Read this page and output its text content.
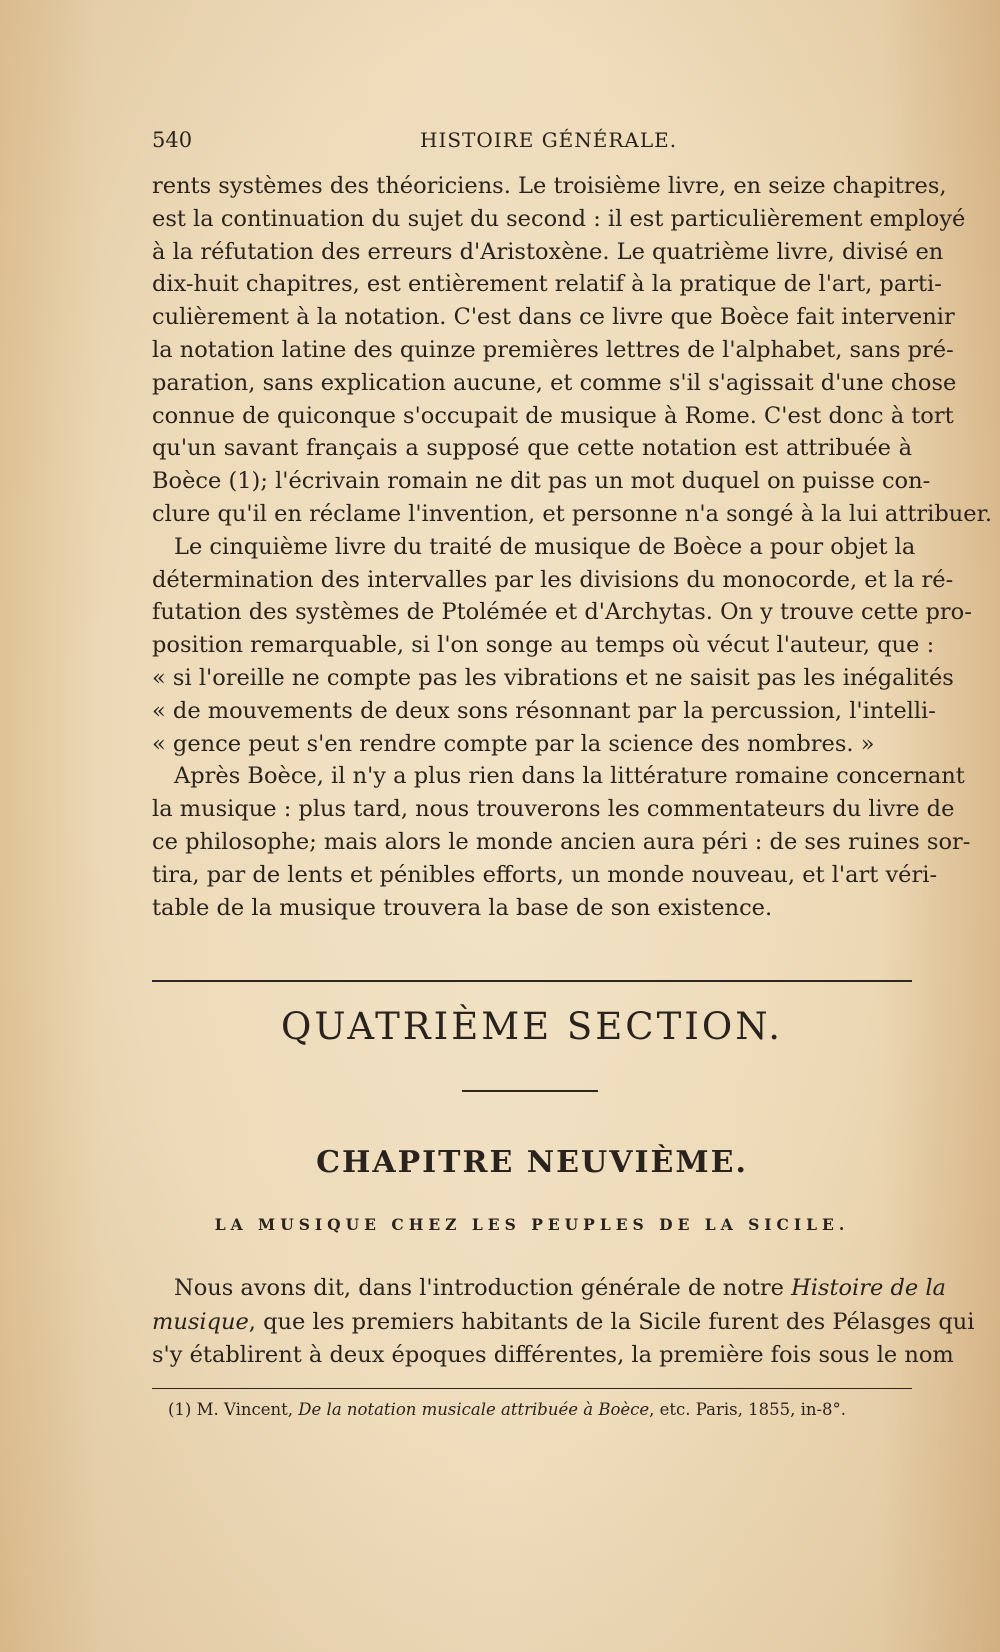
540	HISTOIRE GÉNÉRALE.
rents systèmes des théoriciens. Le troisième livre, en seize chapitres,
est la continuation du sujet du second : il est particulièrement employé
à la réfutation des erreurs d'Aristoxène. Le quatrième livre, divisé en
dix-huit chapitres, est entièrement relatif à la pratique de l'art, parti-
culièrement à la notation. C'est dans ce livre que Boèce fait intervenir
la notation latine des quinze premières lettres de l'alphabet, sans pré-
paration, sans explication aucune, et comme s'il s'agissait d'une chose
connue de quiconque s'occupait de musique à Rome. C'est donc à tort
qu'un savant français a supposé que cette notation est attribuée à
Boèce (1); l'écrivain romain ne dit pas un mot duquel on puisse con-
clure qu'il en réclame l'invention, et personne n'a songé à la lui attribuer.
Le cinquième livre du traité de musique de Boèce a pour objet la
détermination des intervalles par les divisions du monocorde, et la ré-
futation des systèmes de Ptolémée et d'Archytas. On y trouve cette pro-
position remarquable, si l'on songe au temps où vécut l'auteur, que :
« si l'oreille ne compte pas les vibrations et ne saisit pas les inégalités
« de mouvements de deux sons résonnant par la percussion, l'intelli-
« gence peut s'en rendre compte par la science des nombres. »
Après Boèce, il n'y a plus rien dans la littérature romaine concernant
la musique : plus tard, nous trouverons les commentateurs du livre de
ce philosophe; mais alors le monde ancien aura péri : de ses ruines sor-
tira, par de lents et pénibles efforts, un monde nouveau, et l'art véri-
table de la musique trouvera la base de son existence.
QUATRIÈME SECTION.
CHAPITRE NEUVIÈME.
LA MUSIQUE CHEZ LES PEUPLES DE LA SICILE.
Nous avons dit, dans l'introduction générale de notre Histoire de la
musique, que les premiers habitants de la Sicile furent des Pélasges qui
s'y établirent à deux époques différentes, la première fois sous le nom
(1) M. Vincent, De la notation musicale attribuée à Boèce, etc. Paris, 1855, in-8°.
